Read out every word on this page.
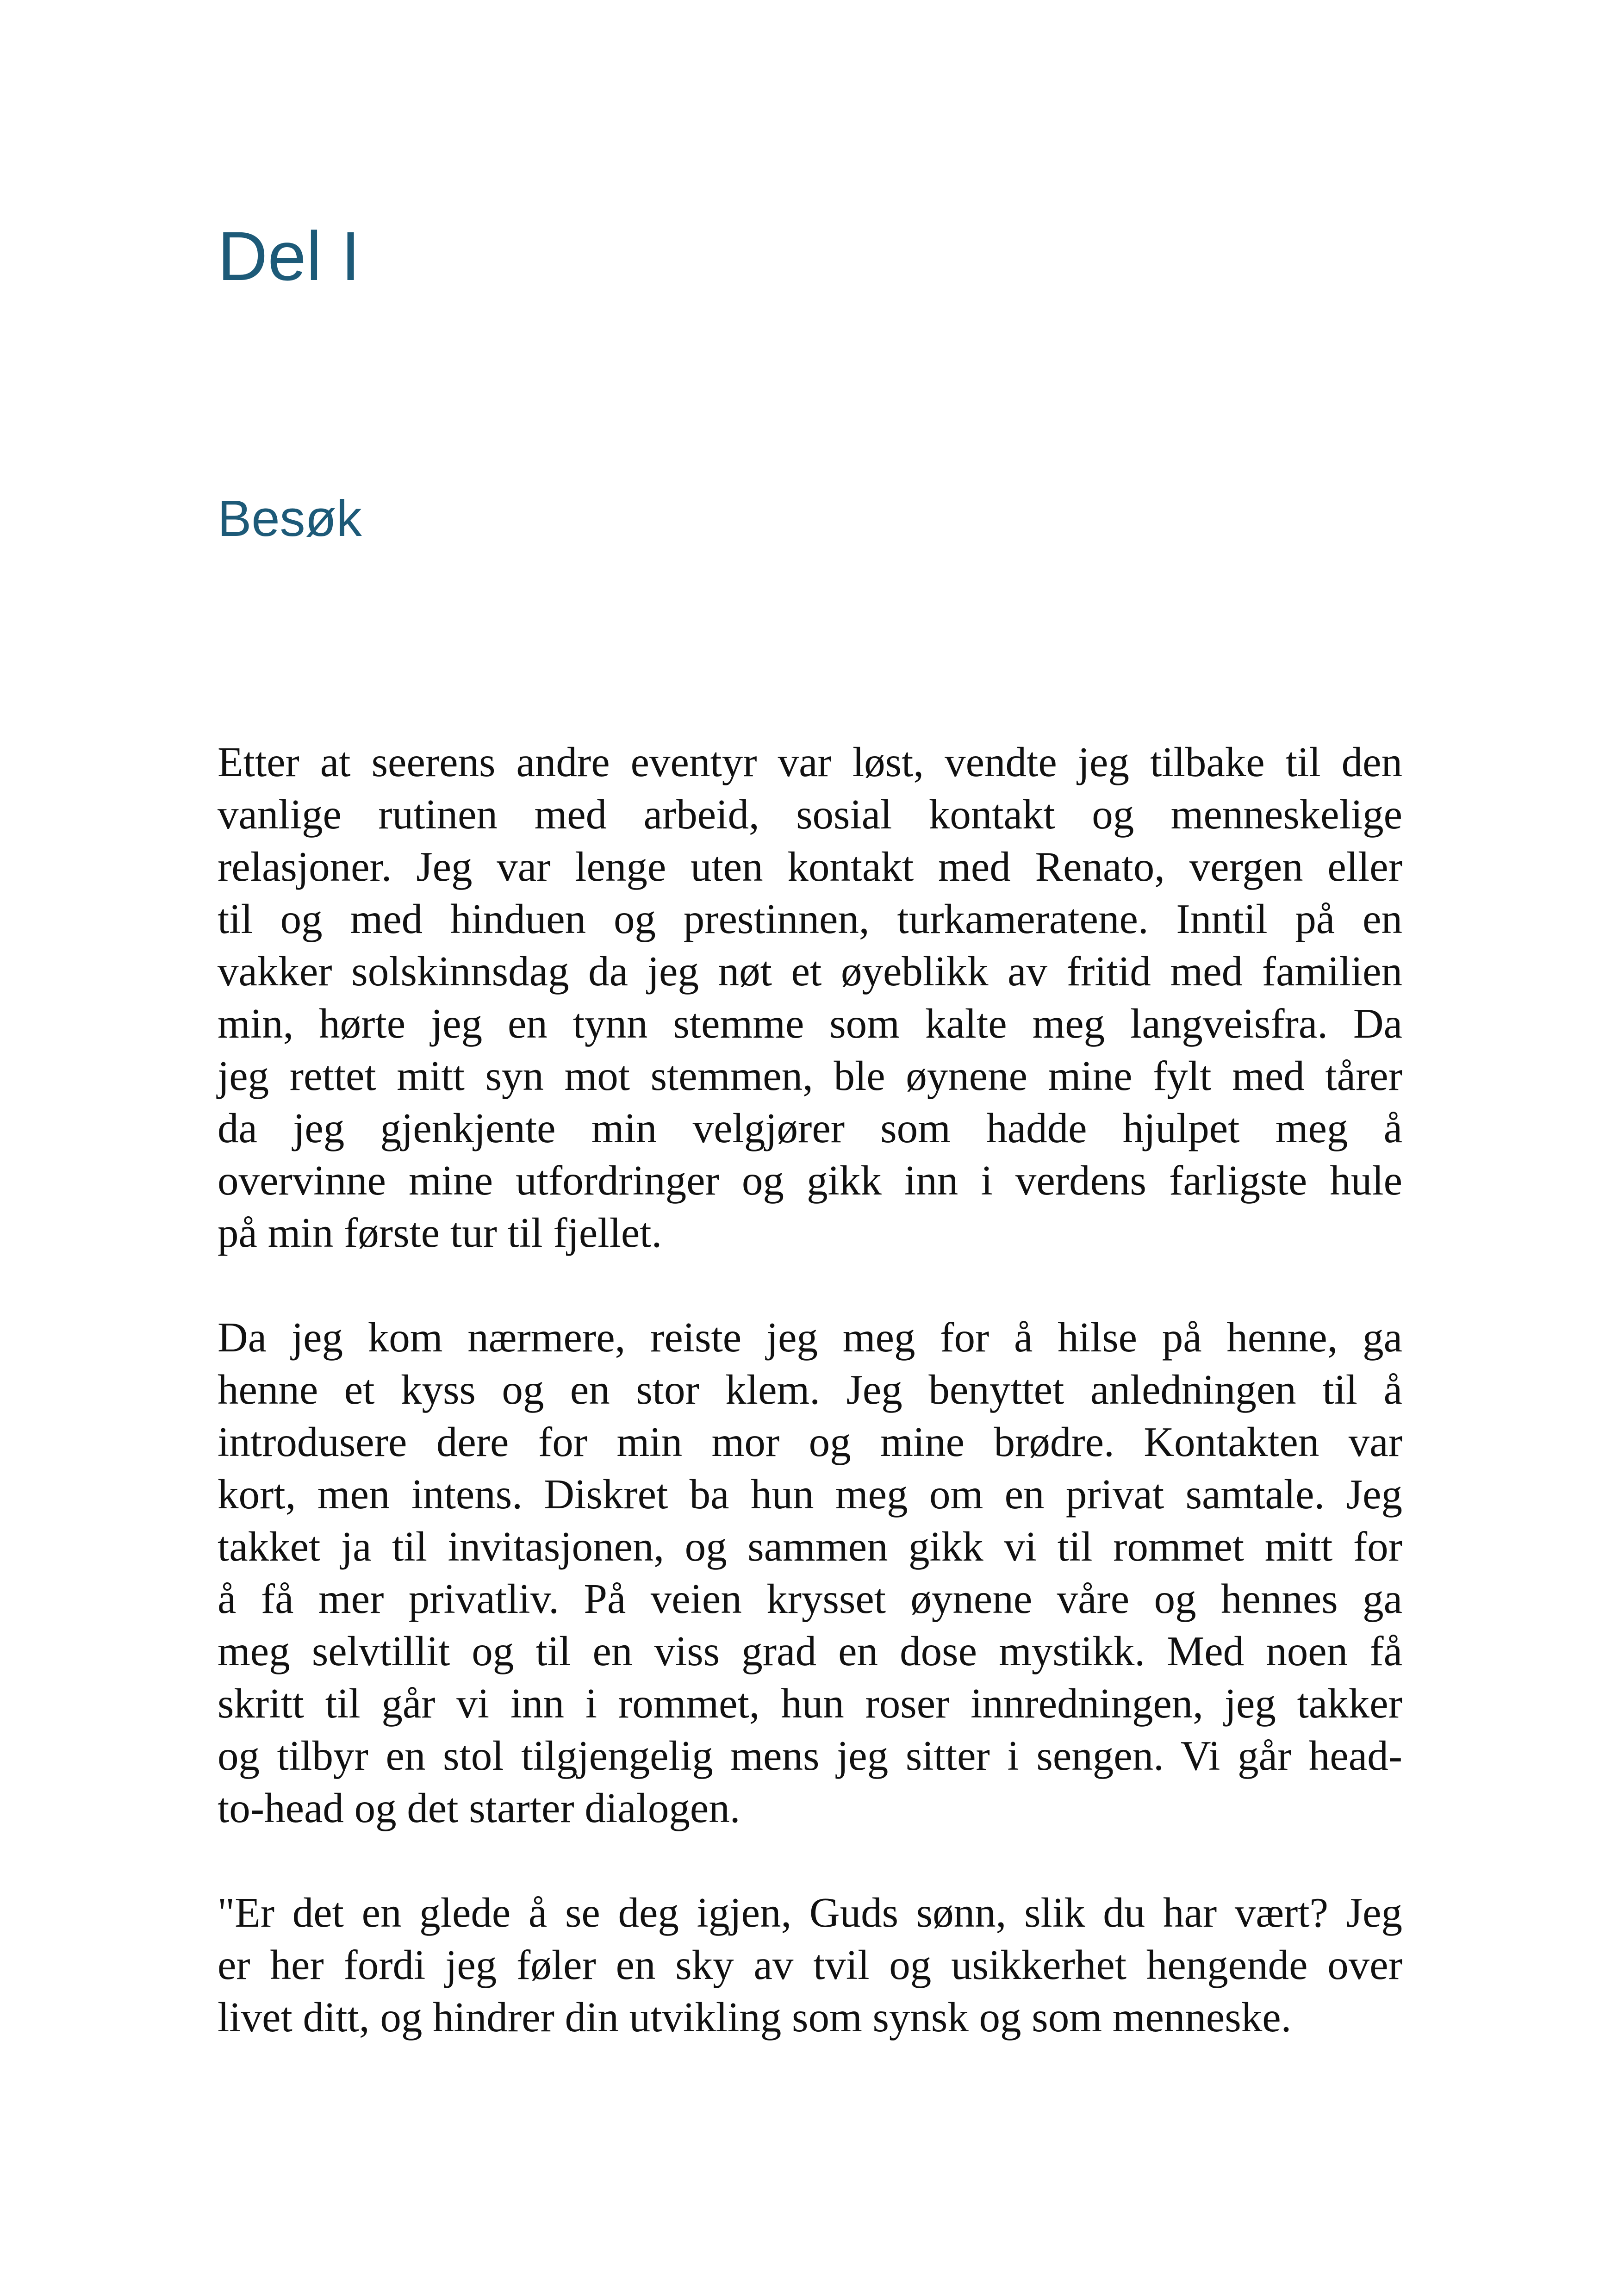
Del I
Besøk

Etter at seerens andre eventyr var løst, vendte jeg tilbake til den
vanlige rutinen med arbeid, sosial kontakt og menneskelige
relasjoner. Jeg var lenge uten kontakt med Renato, vergen eller
til og med hinduen og prestinnen, turkameratene. Inntil på en
vakker solskinnsdag da jeg nøt et øyeblikk av fritid med familien
min, hørte jeg en tynn stemme som kalte meg langveisfra. Da
jeg rettet mitt syn mot stemmen, ble øynene mine fylt med tårer
da jeg gjenkjente min velgjører som hadde hjulpet meg å
overvinne mine utfordringer og gikk inn i verdens farligste hule
på min første tur til fjellet.

Da jeg kom nærmere, reiste jeg meg for å hilse på henne, ga
henne et kyss og en stor klem. Jeg benyttet anledningen til å
introdusere dere for min mor og mine brødre. Kontakten var
kort, men intens. Diskret ba hun meg om en privat samtale. Jeg
takket ja til invitasjonen, og sammen gikk vi til rommet mitt for
å få mer privatliv. På veien krysset øynene våre og hennes ga
meg selvtillit og til en viss grad en dose mystikk. Med noen få
skritt til går vi inn i rommet, hun roser innredningen, jeg takker
og tilbyr en stol tilgjengelig mens jeg sitter i sengen. Vi går head-
to-head og det starter dialogen.

"Er det en glede å se deg igjen, Guds sønn, slik du har vært? Jeg
er her fordi jeg føler en sky av tvil og usikkerhet hengende over
livet ditt, og hindrer din utvikling som synsk og som menneske.
